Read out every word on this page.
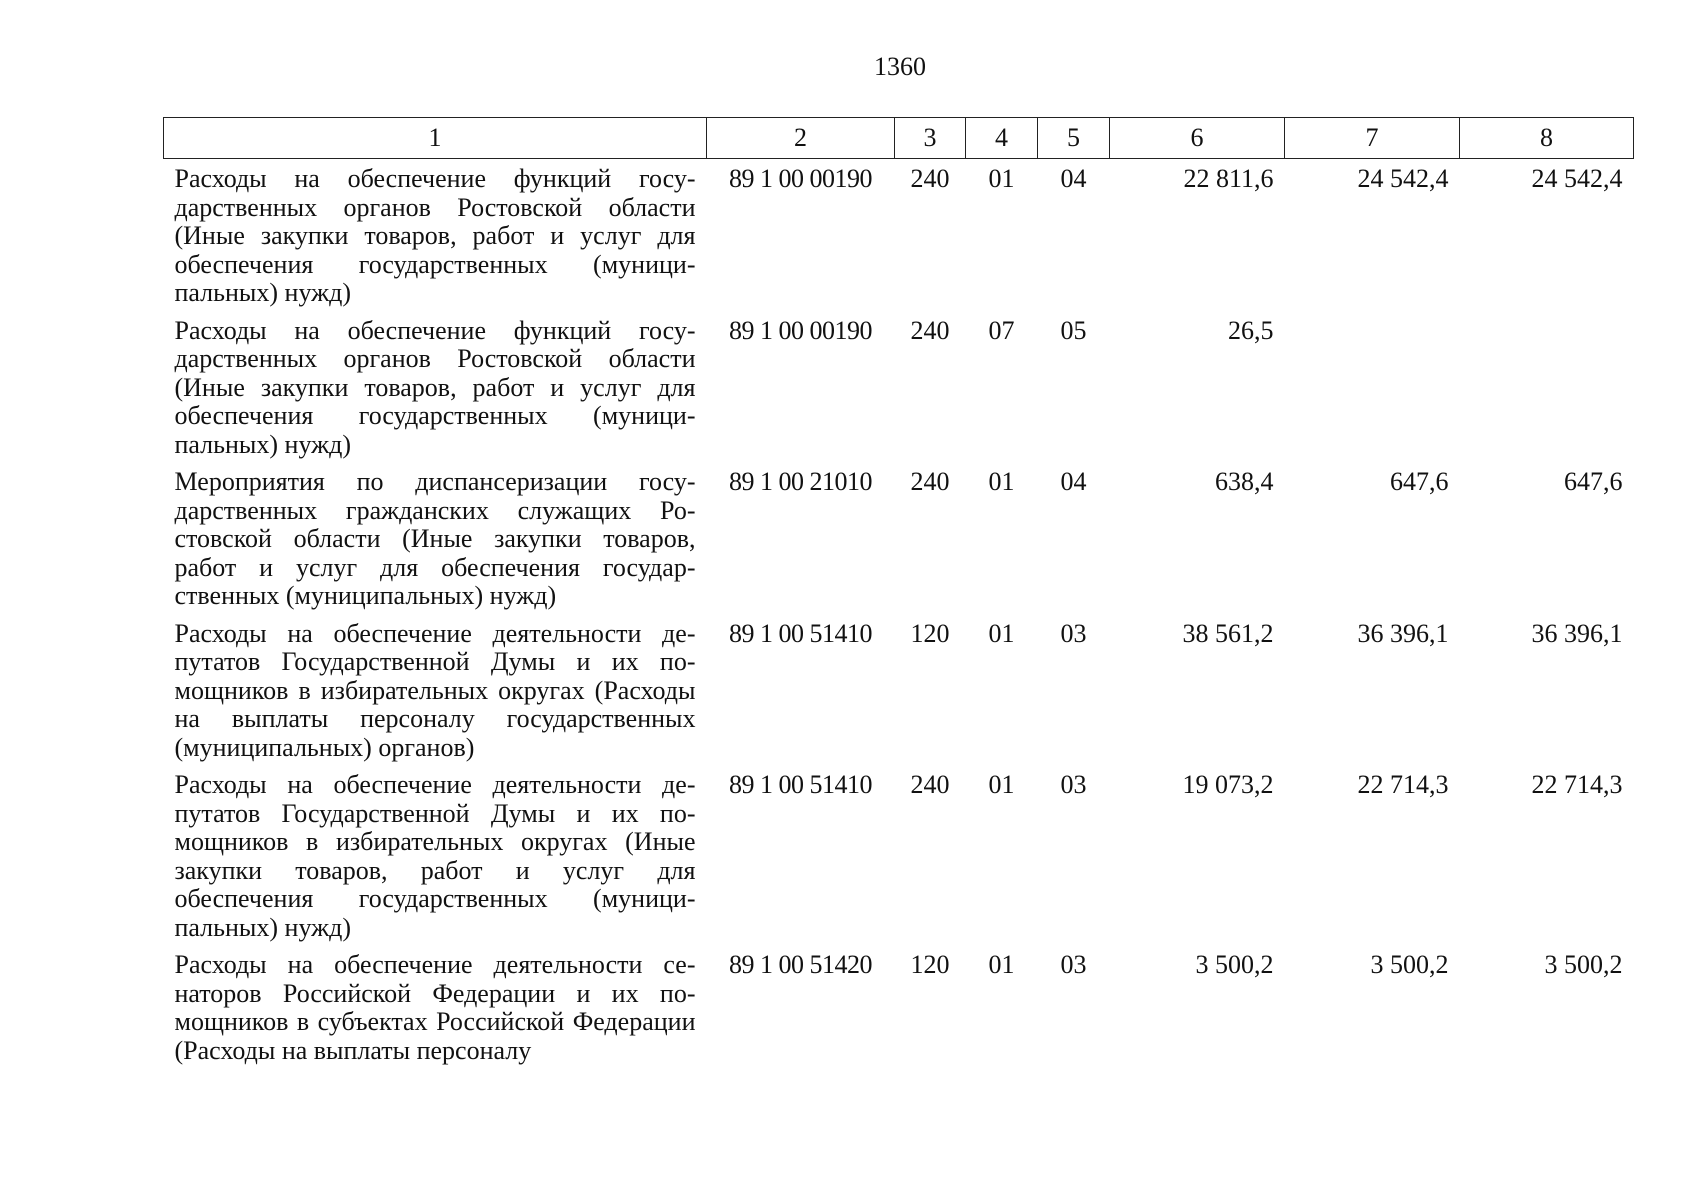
1360
1	2	3	4	5	6	7	8
Расходы на обеспечение функций государственных органов Ростовской области (Иные закупки товаров, работ и услуг для обеспечения государственных (муниципальных) нужд)	89 1 00 00190	240	01	04	22 811,6	24 542,4	24 542,4
Расходы на обеспечение функций государственных органов Ростовской области (Иные закупки товаров, работ и услуг для обеспечения государственных (муниципальных) нужд)	89 1 00 00190	240	07	05	26,5		
Мероприятия по диспансеризации государственных гражданских служащих Ростовской области (Иные закупки товаров, работ и услуг для обеспечения государственных (муниципальных) нужд)	89 1 00 21010	240	01	04	638,4	647,6	647,6
Расходы на обеспечение деятельности депутатов Государственной Думы и их помощников в избирательных округах (Расходы на выплаты персоналу государственных (муниципальных) органов)	89 1 00 51410	120	01	03	38 561,2	36 396,1	36 396,1
Расходы на обеспечение деятельности депутатов Государственной Думы и их помощников в избирательных округах (Иные закупки товаров, работ и услуг для обеспечения государственных (муниципальных) нужд)	89 1 00 51410	240	01	03	19 073,2	22 714,3	22 714,3
Расходы на обеспечение деятельности сенаторов Российской Федерации и их помощников в субъектах Российской Федерации (Расходы на выплаты персоналу	89 1 00 51420	120	01	03	3 500,2	3 500,2	3 500,2
